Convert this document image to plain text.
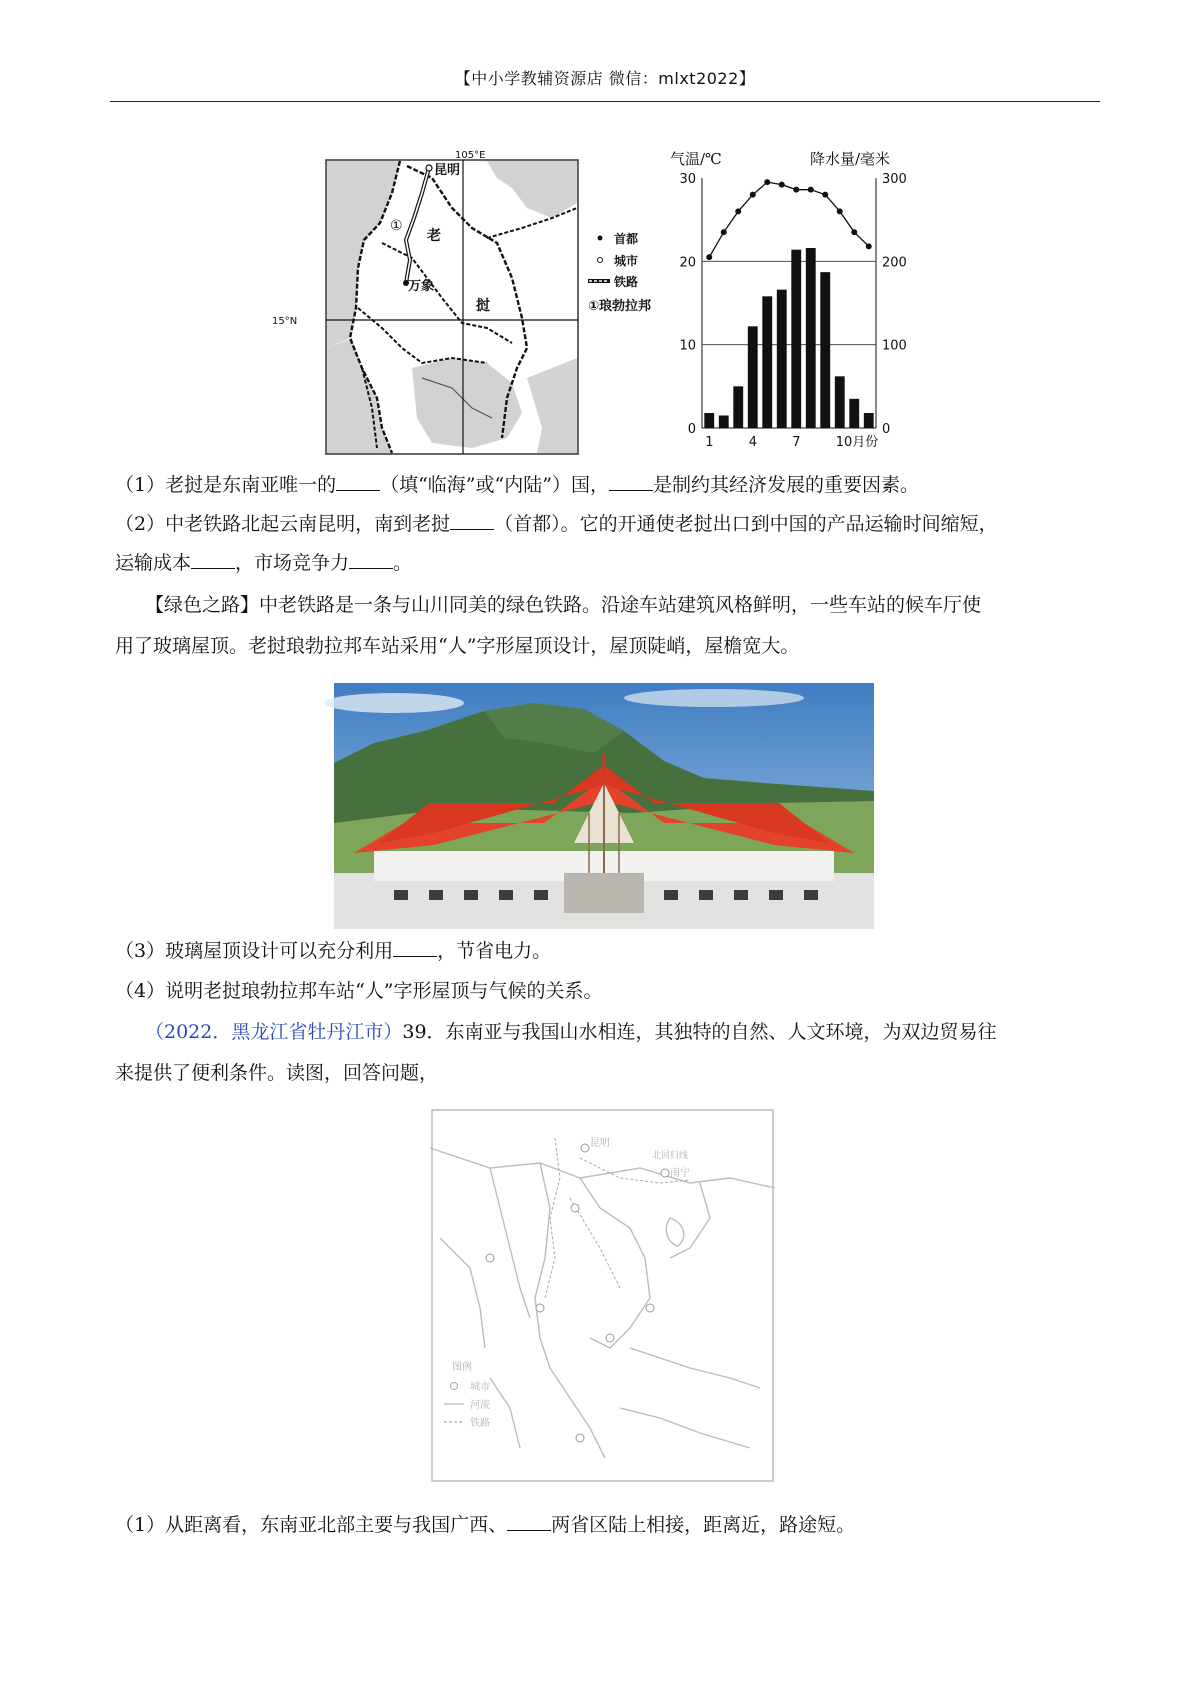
【中小学教辅资源店 微信：mlxt2022】
105°E
15°N
昆明
老
挝
万象
①
首都
城市
铁路
①琅勃拉邦
气温/℃	降水量/毫米
0
10
20
30
0
100
200
300
1	4	7	10月份
（1）老挝是东南亚唯一的 （填“临海”或“内陆”）国， 是制约其经济发展的重要因素。
（2）中老铁路北起云南昆明，南到老挝 （首都）。它的开通使老挝出口到中国的产品运输时间缩短，
运输成本 ，市场竞争力 。
【绿色之路】中老铁路是一条与山川同美的绿色铁路。沿途车站建筑风格鲜明，一些车站的候车厅使
用了玻璃屋顶。老挝琅勃拉邦车站采用“人”字形屋顶设计，屋顶陡峭，屋檐宽大。
（3）玻璃屋顶设计可以充分利用 ，节省电力。
（4）说明老挝琅勃拉邦车站“人”字形屋顶与气候的关系。
（2022．黑龙江省牡丹江市）39．东南亚与我国山水相连，其独特的自然、人文环境，为双边贸易往
来提供了便利条件。读图，回答问题，
昆明
北回归线
南宁
图例
城市
河流
铁路
（1）从距离看，东南亚北部主要与我国广西、 两省区陆上相接，距离近，路途短。
